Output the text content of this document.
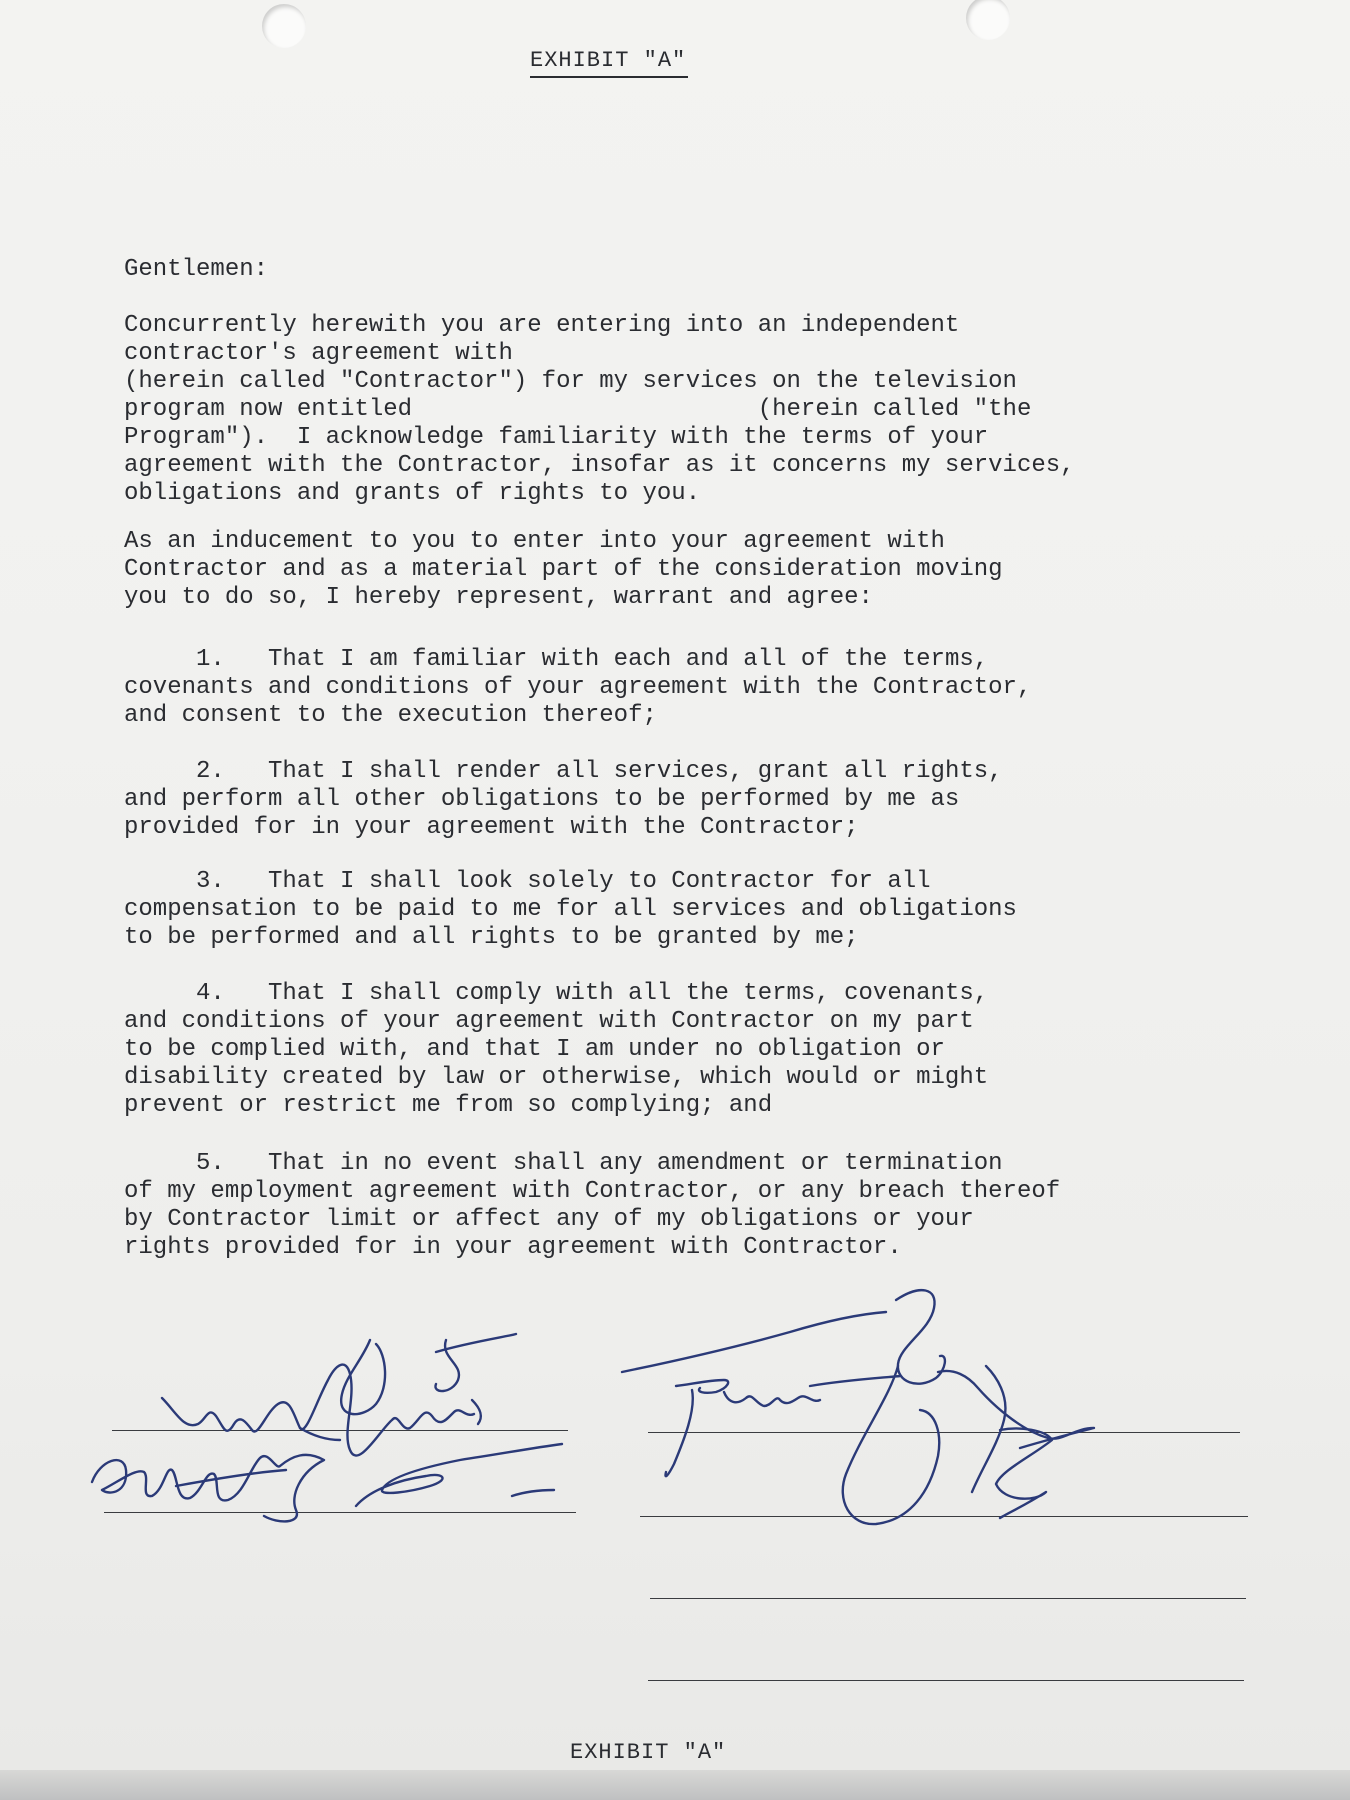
EXHIBIT "A"
Gentlemen:

Concurrently herewith you are entering into an independent
contractor's agreement with
(herein called "Contractor") for my services on the television
program now entitled                        (herein called "the
Program").  I acknowledge familiarity with the terms of your
agreement with the Contractor, insofar as it concerns my services,
obligations and grants of rights to you.

As an inducement to you to enter into your agreement with
Contractor and as a material part of the consideration moving
you to do so, I hereby represent, warrant and agree:

1.   That I am familiar with each and all of the terms,
covenants and conditions of your agreement with the Contractor,
and consent to the execution thereof;

2.   That I shall render all services, grant all rights,
and perform all other obligations to be performed by me as
provided for in your agreement with the Contractor;

3.   That I shall look solely to Contractor for all
compensation to be paid to me for all services and obligations
to be performed and all rights to be granted by me;

4.   That I shall comply with all the terms, covenants,
and conditions of your agreement with Contractor on my part
to be complied with, and that I am under no obligation or
disability created by law or otherwise, which would or might
prevent or restrict me from so complying; and

5.   That in no event shall any amendment or termination
of my employment agreement with Contractor, or any breach thereof
by Contractor limit or affect any of my obligations or your
rights provided for in your agreement with Contractor.

EXHIBIT "A"
